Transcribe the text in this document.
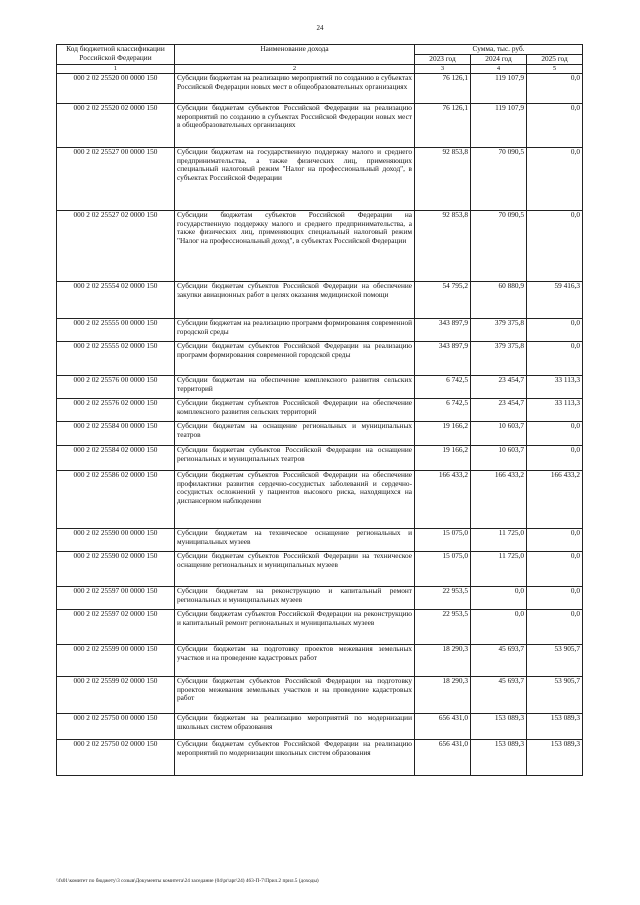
24
Код бюджетной классификации Российской Федерации	Наименование дохода	Сумма, тыс. руб.		
		2023 год	2024 год	2025 год
1	2	3	4	5
000 2 02 25520 00 0000 150	Субсидии бюджетам на реализацию мероприятий по созданию в субъектах Российской Федерации новых мест в общеобразовательных организациях	76 126,1	119 107,9	0,0
000 2 02 25520 02 0000 150	Субсидии бюджетам субъектов Российской Федерации на реализацию мероприятий по созданию в субъектах Российской Федерации новых мест в общеобразовательных организациях	76 126,1	119 107,9	0,0
000 2 02 25527 00 0000 150	Субсидии бюджетам на государственную поддержку малого и среднего предпринимательства, а также физических лиц, применяющих специальный налоговый режим "Налог на профессиональный доход", в субъектах Российской Федерации	92 853,8	70 090,5	0,0
000 2 02 25527 02 0000 150	Субсидии бюджетам субъектов Российской Федерации на государственную поддержку малого и среднего предпринимательства, а также физических лиц, применяющих специальный налоговый режим "Налог на профессиональный доход", в субъектах Российской Федерации	92 853,8	70 090,5	0,0
000 2 02 25554 02 0000 150	Субсидии бюджетам субъектов Российской Федерации на обеспечение закупки авиационных работ в целях оказания медицинской помощи	54 795,2	60 880,9	59 416,3
000 2 02 25555 00 0000 150	Субсидии бюджетам на реализацию программ формирования современной городской среды	343 897,9	379 375,8	0,0
000 2 02 25555 02 0000 150	Субсидии бюджетам субъектов Российской Федерации на реализацию программ формирования современной городской среды	343 897,9	379 375,8	0,0
000 2 02 25576 00 0000 150	Субсидии бюджетам на обеспечение комплексного развития сельских территорий	6 742,5	23 454,7	33 113,3
000 2 02 25576 02 0000 150	Субсидии бюджетам субъектов Российской Федерации на обеспечение комплексного развития сельских территорий	6 742,5	23 454,7	33 113,3
000 2 02 25584 00 0000 150	Субсидии бюджетам на оснащение региональных и муниципальных театров	19 166,2	10 603,7	0,0
000 2 02 25584 02 0000 150	Субсидии бюджетам субъектов Российской Федерации на оснащение региональных и муниципальных театров	19 166,2	10 603,7	0,0
000 2 02 25586 02 0000 150	Субсидии бюджетам субъектов Российской Федерации на обеспечение профилактики развития сердечно-сосудистых заболеваний и сердечно-сосудистых осложнений у пациентов высокого риска, находящихся на диспансерном наблюдении	166 433,2	166 433,2	166 433,2
000 2 02 25590 00 0000 150	Субсидии бюджетам на техническое оснащение региональных и муниципальных музеев	15 075,0	11 725,0	0,0
000 2 02 25590 02 0000 150	Субсидии бюджетам субъектов Российской Федерации на техническое оснащение региональных и муниципальных музеев	15 075,0	11 725,0	0,0
000 2 02 25597 00 0000 150	Субсидии бюджетам на реконструкцию и капитальный ремонт региональных и муниципальных музеев	22 953,5	0,0	0,0
000 2 02 25597 02 0000 150	Субсидии бюджетам субъектов Российской Федерации на реконструкцию и капитальный ремонт региональных и муниципальных музеев	22 953,5	0,0	0,0
000 2 02 25599 00 0000 150	Субсидии бюджетам на подготовку проектов межевания земельных участков и на проведение кадастровых работ	18 290,3	45 693,7	53 905,7
000 2 02 25599 02 0000 150	Субсидии бюджетам субъектов Российской Федерации на подготовку проектов межевания земельных участков и на проведение кадастровых работ	18 290,3	45 693,7	53 905,7
000 2 02 25750 00 0000 150	Субсидии бюджетам на реализацию мероприятий по модернизации школьных систем образования	656 431,0	153 089,3	153 089,3
000 2 02 25750 02 0000 150	Субсидии бюджетам субъектов Российской Федерации на реализацию мероприятий по модернизации школьных систем образования	656 431,0	153 089,3	153 089,3
\\fs01\комитет по бюджету\3 созыв\Документы комитета\24 заседание (04\pr\apr\24) 463-П-7\Прил.2 прил.5 (доходы)
